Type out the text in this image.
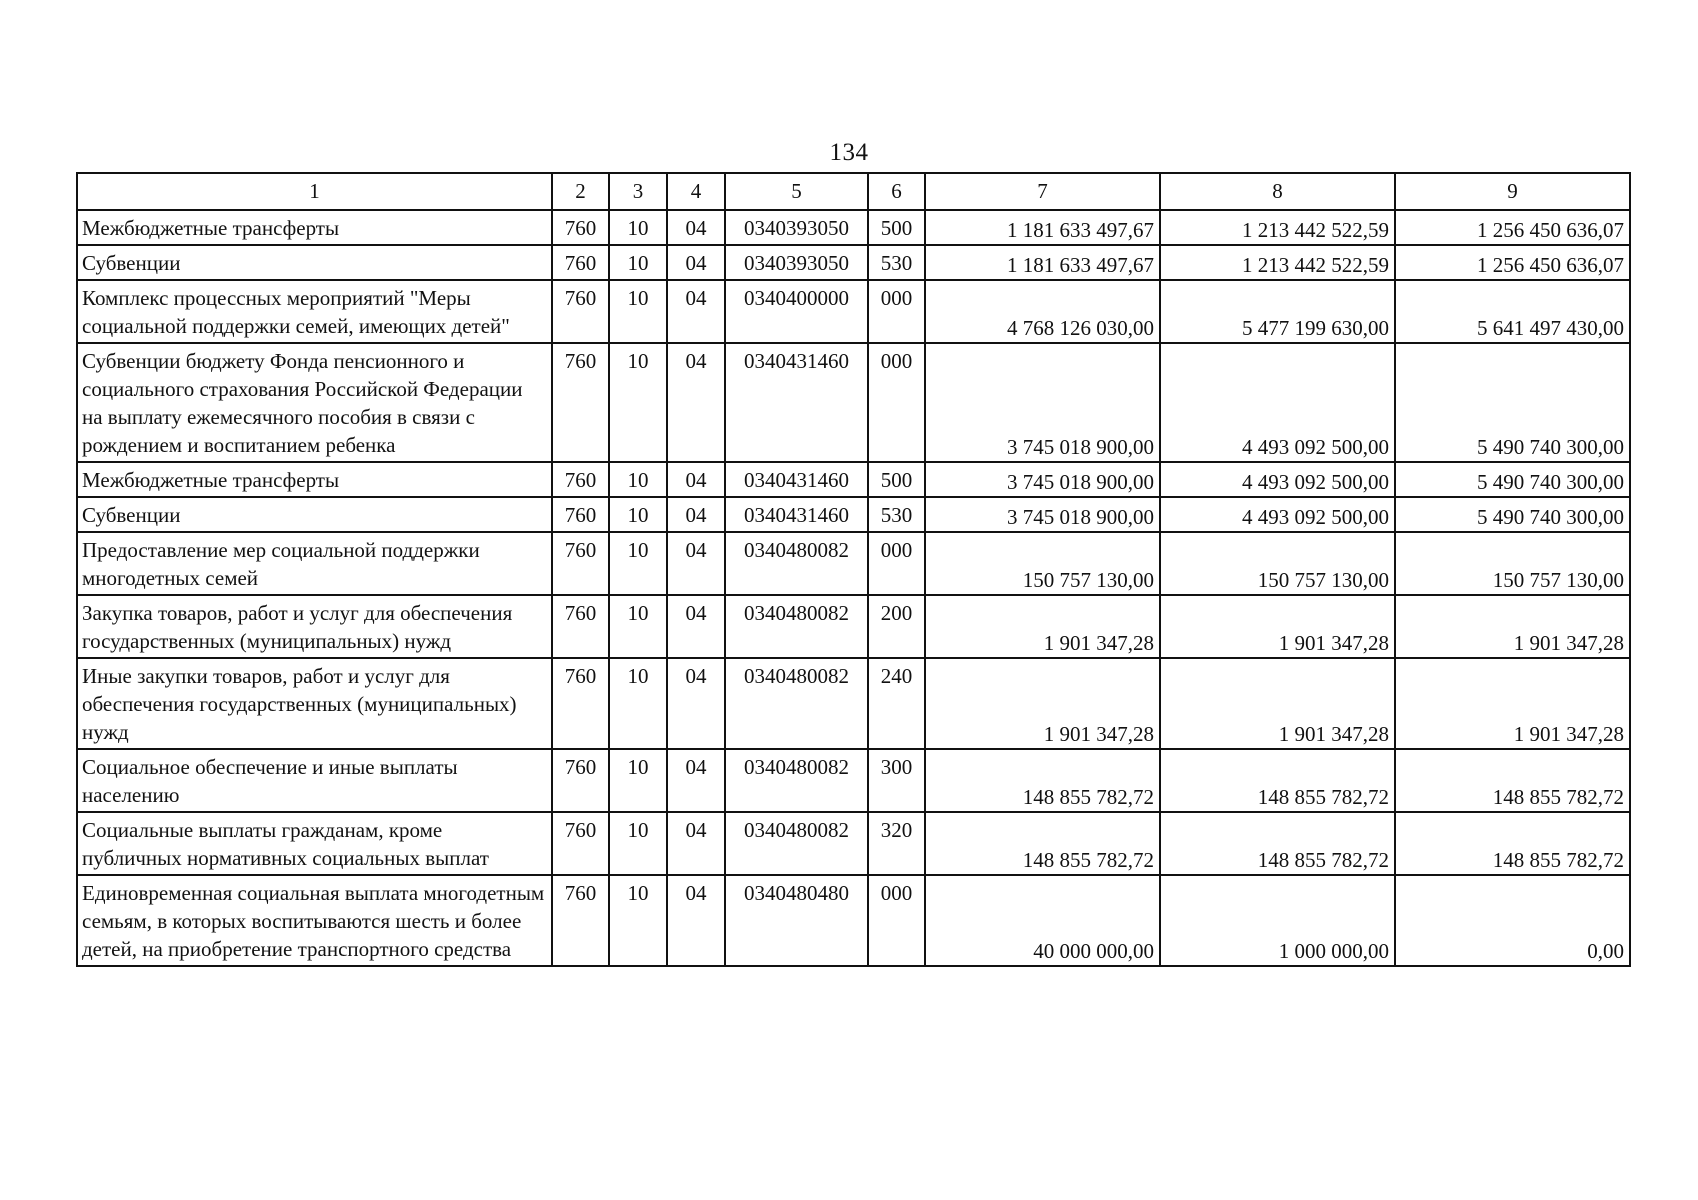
134
1	2	3	4	5	6	7	8	9
Межбюджетные трансферты	760	10	04	0340393050	500	1 181 633 497,67	1 213 442 522,59	1 256 450 636,07
Субвенции	760	10	04	0340393050	530	1 181 633 497,67	1 213 442 522,59	1 256 450 636,07
Комплекс процессных мероприятий "Меры социальной поддержки семей, имеющих детей"	760	10	04	0340400000	000	4 768 126 030,00	5 477 199 630,00	5 641 497 430,00
Субвенции бюджету Фонда пенсионного и социального страхования Российской Федерации на выплату ежемесячного пособия в связи с рождением и воспитанием ребенка	760	10	04	0340431460	000	3 745 018 900,00	4 493 092 500,00	5 490 740 300,00
Межбюджетные трансферты	760	10	04	0340431460	500	3 745 018 900,00	4 493 092 500,00	5 490 740 300,00
Субвенции	760	10	04	0340431460	530	3 745 018 900,00	4 493 092 500,00	5 490 740 300,00
Предоставление мер социальной поддержки многодетных семей	760	10	04	0340480082	000	150 757 130,00	150 757 130,00	150 757 130,00
Закупка товаров, работ и услуг для обеспечения государственных (муниципальных) нужд	760	10	04	0340480082	200	1 901 347,28	1 901 347,28	1 901 347,28
Иные закупки товаров, работ и услуг для обеспечения государственных (муниципальных) нужд	760	10	04	0340480082	240	1 901 347,28	1 901 347,28	1 901 347,28
Социальное обеспечение и иные выплаты населению	760	10	04	0340480082	300	148 855 782,72	148 855 782,72	148 855 782,72
Социальные выплаты гражданам, кроме публичных нормативных социальных выплат	760	10	04	0340480082	320	148 855 782,72	148 855 782,72	148 855 782,72
Единовременная социальная выплата многодетным семьям, в которых воспитываются шесть и более детей, на приобретение транспортного средства	760	10	04	0340480480	000	40 000 000,00	1 000 000,00	0,00
